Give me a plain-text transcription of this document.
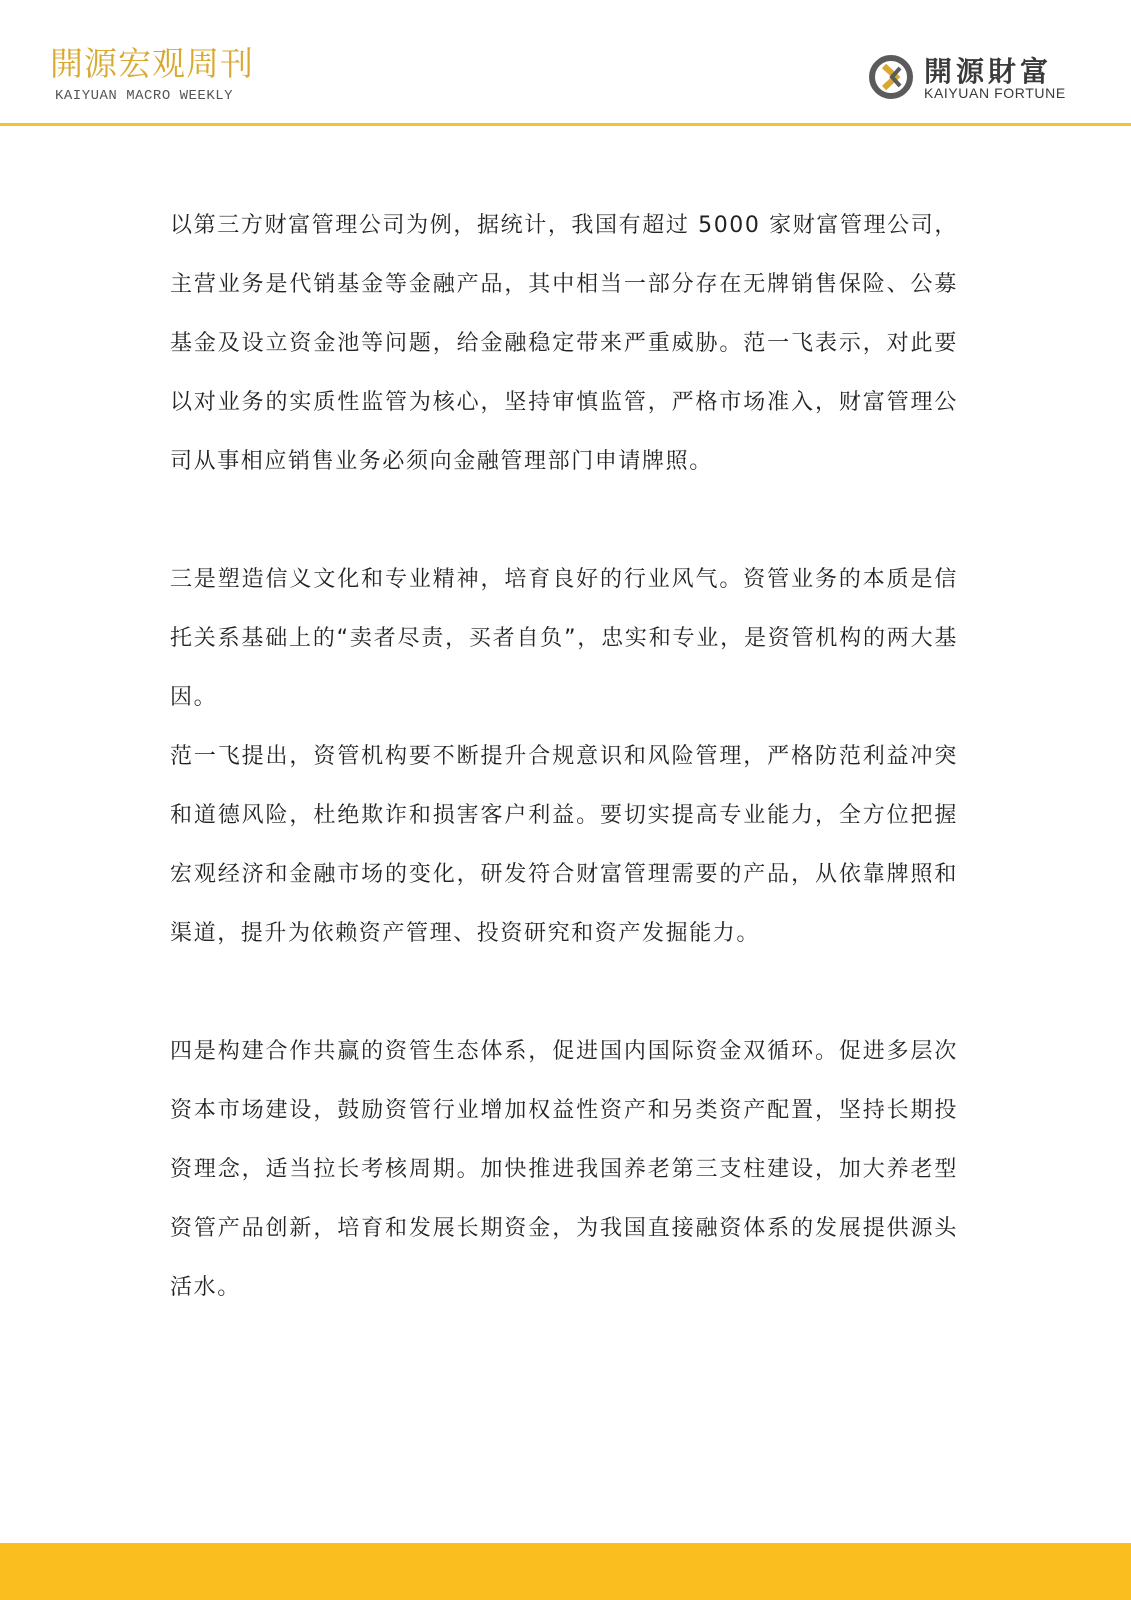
開源宏观周刊
KAIYUAN MACRO WEEKLY
開源財富
KAIYUAN FORTUNE

以第三方财富管理公司为例，据统计，我国有超过 5000 家财富管理公司，主营业务是代销基金等金融产品，其中相当一部分存在无牌销售保险、公募基金及设立资金池等问题，给金融稳定带来严重威胁。范一飞表示，对此要以对业务的实质性监管为核心，坚持审慎监管，严格市场准入，财富管理公司从事相应销售业务必须向金融管理部门申请牌照。

三是塑造信义文化和专业精神，培育良好的行业风气。资管业务的本质是信托关系基础上的“卖者尽责，买者自负”，忠实和专业，是资管机构的两大基因。

范一飞提出，资管机构要不断提升合规意识和风险管理，严格防范利益冲突和道德风险，杜绝欺诈和损害客户利益。要切实提高专业能力，全方位把握宏观经济和金融市场的变化，研发符合财富管理需要的产品，从依靠牌照和渠道，提升为依赖资产管理、投资研究和资产发掘能力。

四是构建合作共赢的资管生态体系，促进国内国际资金双循环。促进多层次资本市场建设，鼓励资管行业增加权益性资产和另类资产配置，坚持长期投资理念，适当拉长考核周期。加快推进我国养老第三支柱建设，加大养老型资管产品创新，培育和发展长期资金，为我国直接融资体系的发展提供源头活水。
